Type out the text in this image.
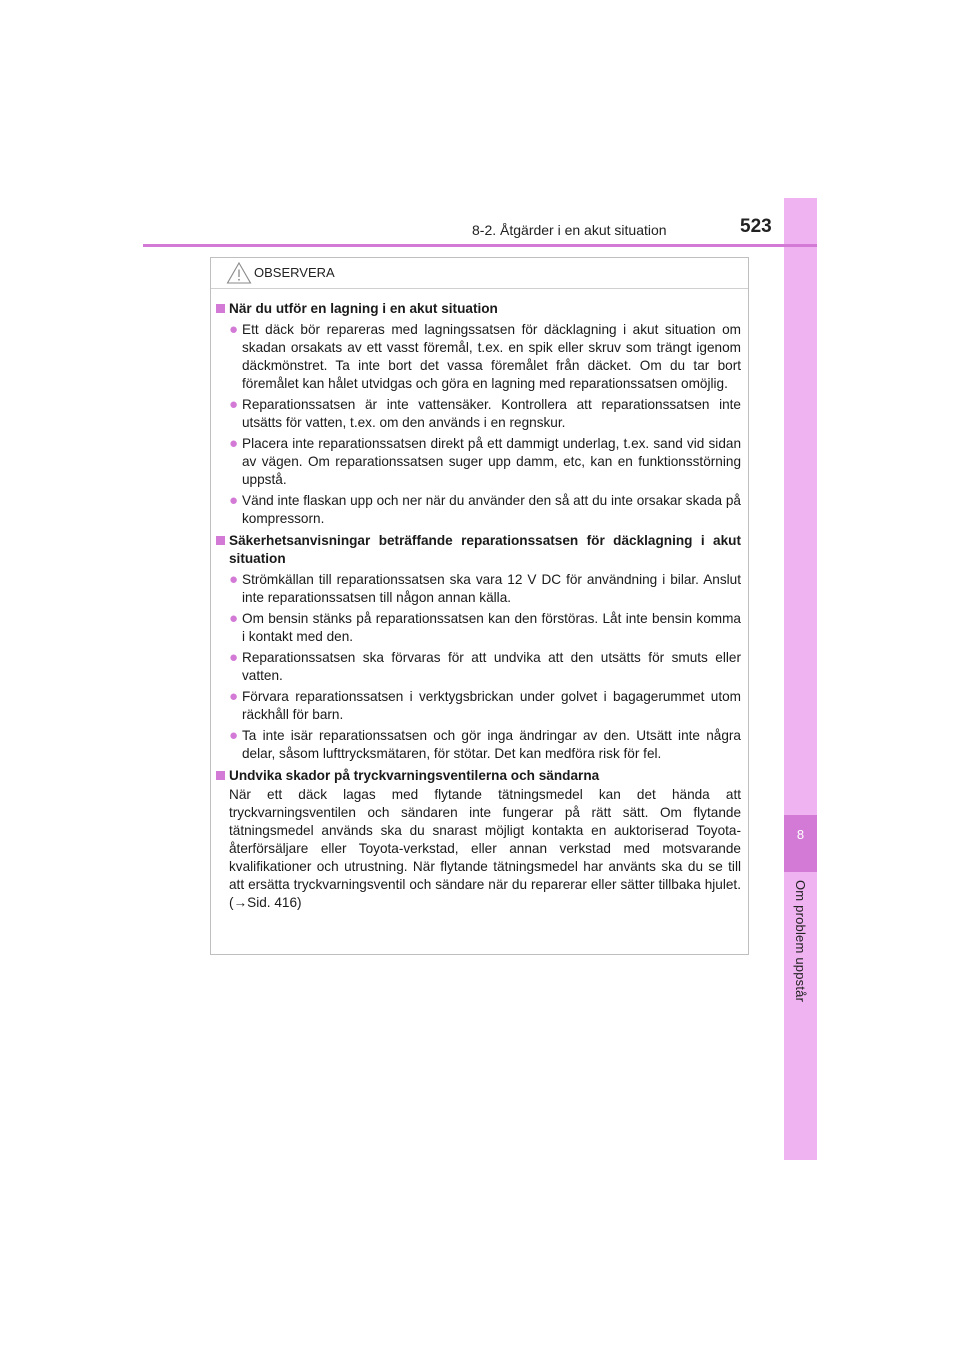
8
Om problem uppstår
8-2. Åtgärder i en akut situation	523
OBSERVERA
När du utför en lagning i en akut situation
● Ett däck bör repareras med lagningssatsen för däcklagning i akut situation om skadan orsakats av ett vasst föremål, t.ex. en spik eller skruv som trängt igenom däckmönstret. Ta inte bort det vassa föremålet från däcket. Om du tar bort föremålet kan hålet utvidgas och göra en lagning med reparationssatsen omöjlig.
● Reparationssatsen är inte vattensäker. Kontrollera att reparationssatsen inte utsätts för vatten, t.ex. om den används i en regnskur.
● Placera inte reparationssatsen direkt på ett dammigt underlag, t.ex. sand vid sidan av vägen. Om reparationssatsen suger upp damm, etc, kan en funktionsstörning uppstå.
● Vänd inte flaskan upp och ner när du använder den så att du inte orsakar skada på kompressorn.
Säkerhetsanvisningar beträffande reparationssatsen för däcklagning i akut situation
● Strömkällan till reparationssatsen ska vara 12 V DC för användning i bilar. Anslut inte reparationssatsen till någon annan källa.
● Om bensin stänks på reparationssatsen kan den förstöras. Låt inte bensin komma i kontakt med den.
● Reparationssatsen ska förvaras för att undvika att den utsätts för smuts eller vatten.
● Förvara reparationssatsen i verktygsbrickan under golvet i bagagerummet utom räckhåll för barn.
● Ta inte isär reparationssatsen och gör inga ändringar av den. Utsätt inte några delar, såsom lufttrycksmätaren, för stötar. Det kan medföra risk för fel.
Undvika skador på tryckvarningsventilerna och sändarna
När ett däck lagas med flytande tätningsmedel kan det hända att tryckvarningsventilen och sändaren inte fungerar på rätt sätt. Om flytande tätningsmedel används ska du snarast möjligt kontakta en auktoriserad Toyota-återförsäljare eller Toyota-verkstad, eller annan verkstad med motsvarande kvalifikationer och utrustning. När flytande tätningsmedel har använts ska du se till att ersätta tryckvarningsventil och sändare när du reparerar eller sätter tillbaka hjulet. (→Sid. 416)
